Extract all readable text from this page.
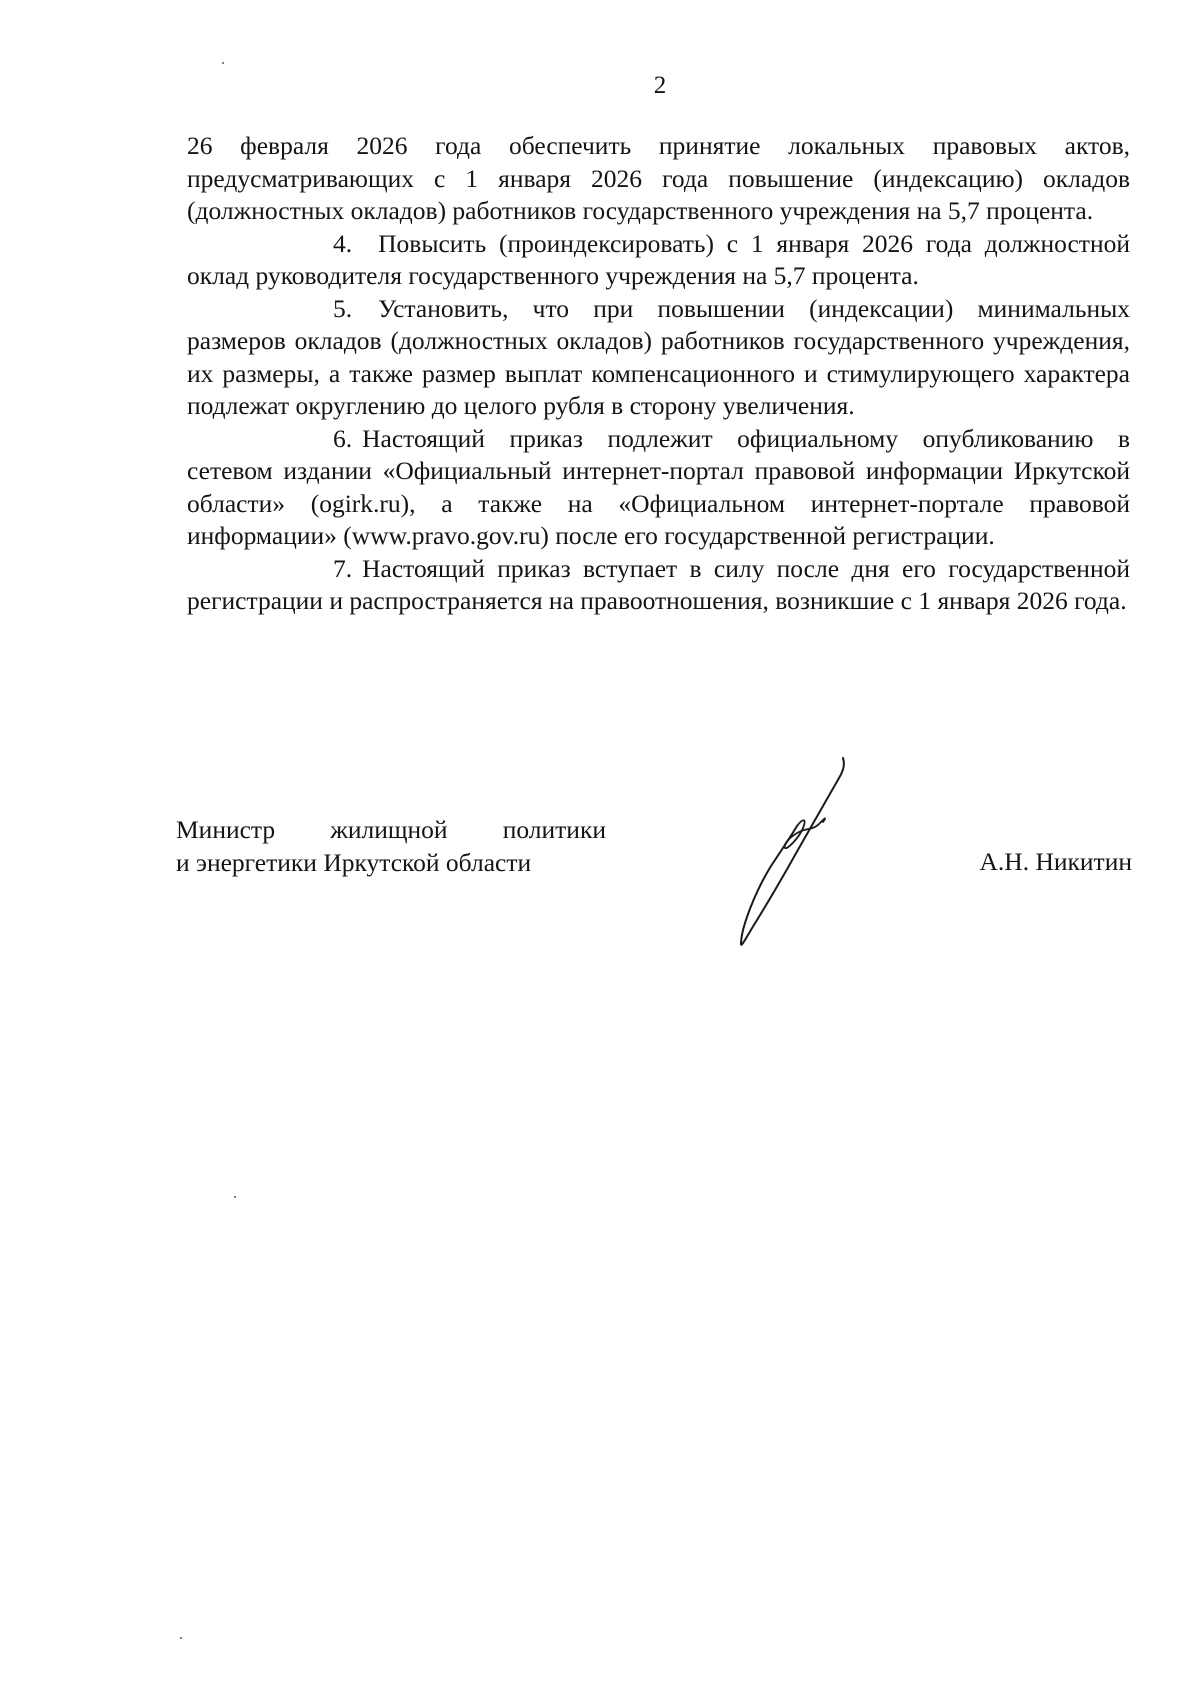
2

26 февраля 2026 года обеспечить принятие локальных правовых актов, предусматривающих с 1 января 2026 года повышение (индексацию) окладов (должностных окладов) работников государственного учреждения на 5,7 процента.

4. Повысить (проиндексировать) с 1 января 2026 года должностной оклад руководителя государственного учреждения на 5,7 процента.

5. Установить, что при повышении (индексации) минимальных размеров окладов (должностных окладов) работников государственного учреждения, их размеры, а также размер выплат компенсационного и стимулирующего характера подлежат округлению до целого рубля в сторону увеличения.

6. Настоящий приказ подлежит официальному опубликованию в сетевом издании «Официальный интернет-портал правовой информации Иркутской области» (ogirk.ru), а также на «Официальном интернет-портале правовой информации» (www.pravo.gov.ru) после его государственной регистрации.

7. Настоящий приказ вступает в силу после дня его государственной регистрации и распространяется на правоотношения, возникшие с 1 января 2026 года.

Министр жилищной политики
и энергетики Иркутской области	А.Н. Никитин
